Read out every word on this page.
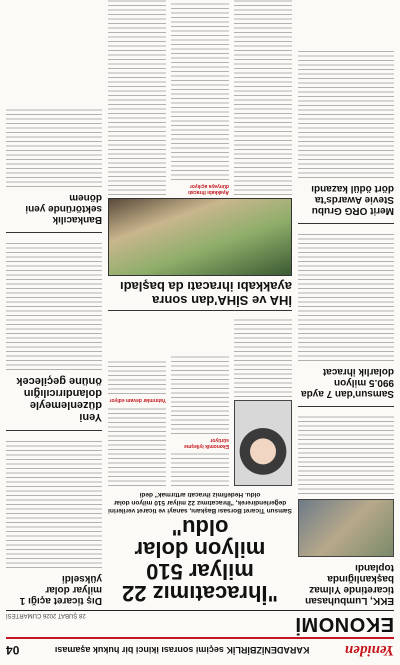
Yeniden
KARADENİZBİRLİK seçimi sonrası ikinci bir hukuk aşaması
04
EKONOMİ
28 ŞUBAT 2026 CUMARTESİ
EKK, Lumbuhasan ticaretinde Yılmaz başkanlığında toplandı
Samsun'dan 7 ayda 990.5 milyon dolarlık ihracat
Merit ORG Grubu Stevie Awards'ta dört ödül kazandı
"İhracatımız 22 milyar 510 milyon dolar oldu"
Samsun Ticaret Borsası Başkanı, sanayi ve ticaret verilerini değerlendirerek, "İhracatımız 22 milyar 510 milyon dolar oldu. Hedefimiz ihracatı arttırmak" dedi
Ekonomik iyileşme sürüyor
Yatırımlar devam ediyor
İHA ve SİHA'dan sonra ayakkabı ihracatı da başladı
Ayakkabı ihracatı dünyaya açılıyor
Dış ticaret açığı 1 milyar dolar yükseldi
Yeni düzenlemeyle dolandırıcılığın önüne geçilecek
Bankacılık sektöründe yeni dönem
